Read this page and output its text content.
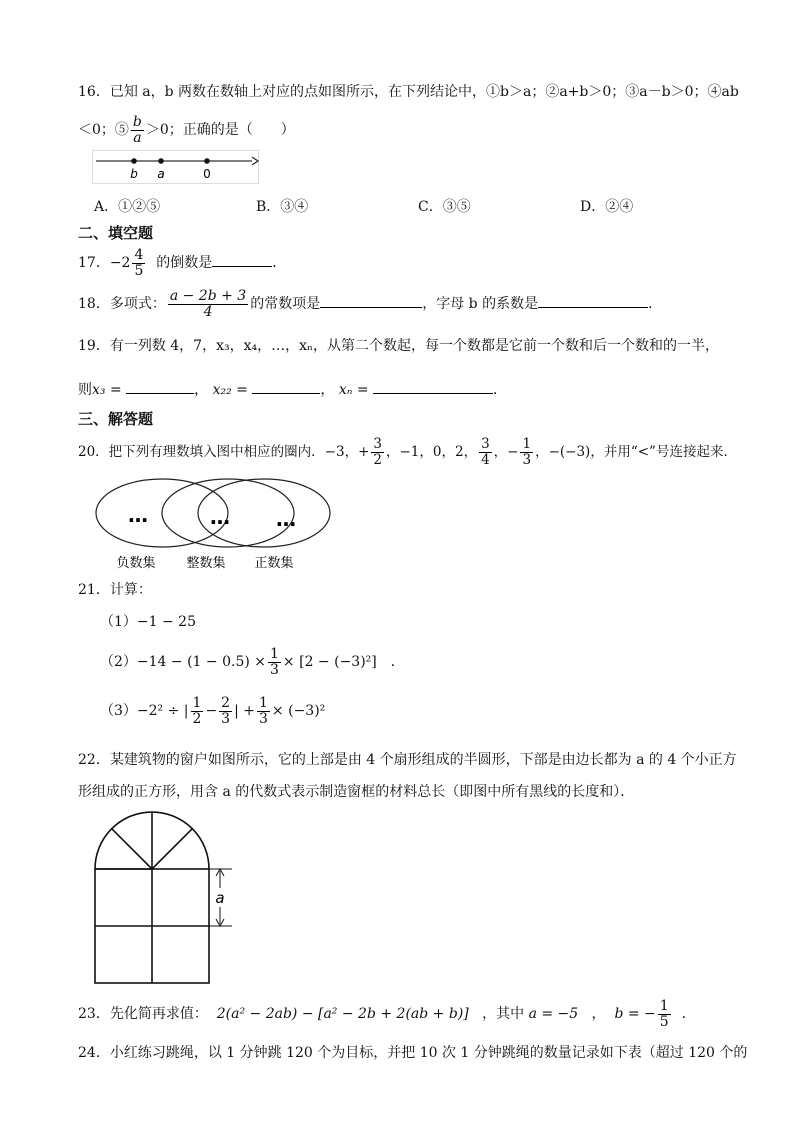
16．已知 a，b 两数在数轴上对应的点如图所示，在下列结论中，①b＞a；②a+b＞0；③a－b＞0；④ab
＜0；⑤ $\frac{b}{a} >0$；正确的是（　　）
b a	0
A．①②⑤	B．③④	C．③⑤	D．②④
二、填空题
17．$-2 \frac{4}{5}$ 的倒数是	．
18．多项式： $\frac{a - 2b + 3}{4}$ 的常数项是	，字母 b 的系数是	．
19．有一列数 4，7，x₃，x₄，…，xₙ，从第二个数起，每一个数都是它前一个数和后一个数和的一半，
则x₃ =	， x₂₂ =	， xₙ =	．
三、解答题
20．把下列有理数填入图中相应的圈内．−3，+ $\frac{3}{2}$ ，−1，0，2， $\frac{3}{4}$ ，− $\frac{1}{3}$ ，−(−3)，并用“<”号连接起来．
…	… …
负数集 整数集 正数集
21．计算：
（1）−1 − 25
$(2)-14 - (1 - 0.5) \times \frac{1}{3} \times [2 - (-3)^2]$　．
（3）−2² ÷ | $\frac{1}{2} - \frac{2}{3}$ | + $\frac{1}{3} \times (-3)^2$
22．某建筑物的窗户如图所示，它的上部是由 4 个扇形组成的半圆形，下部是由边长都为 a 的 4 个小正方
形组成的正方形，用含 a 的代数式表示制造窗框的材料总长（即图中所有黑线的长度和）．
a
23．先化简再求值： 2(a² − 2ab) − [a² − 2b + 2(ab + b)] ，其中 a = −5 ， b = − $\frac{1}{5}$ ．
24．小红练习跳绳，以 1 分钟跳 120 个为目标，并把 10 次 1 分钟跳绳的数量记录如下表（超过 120 个的
